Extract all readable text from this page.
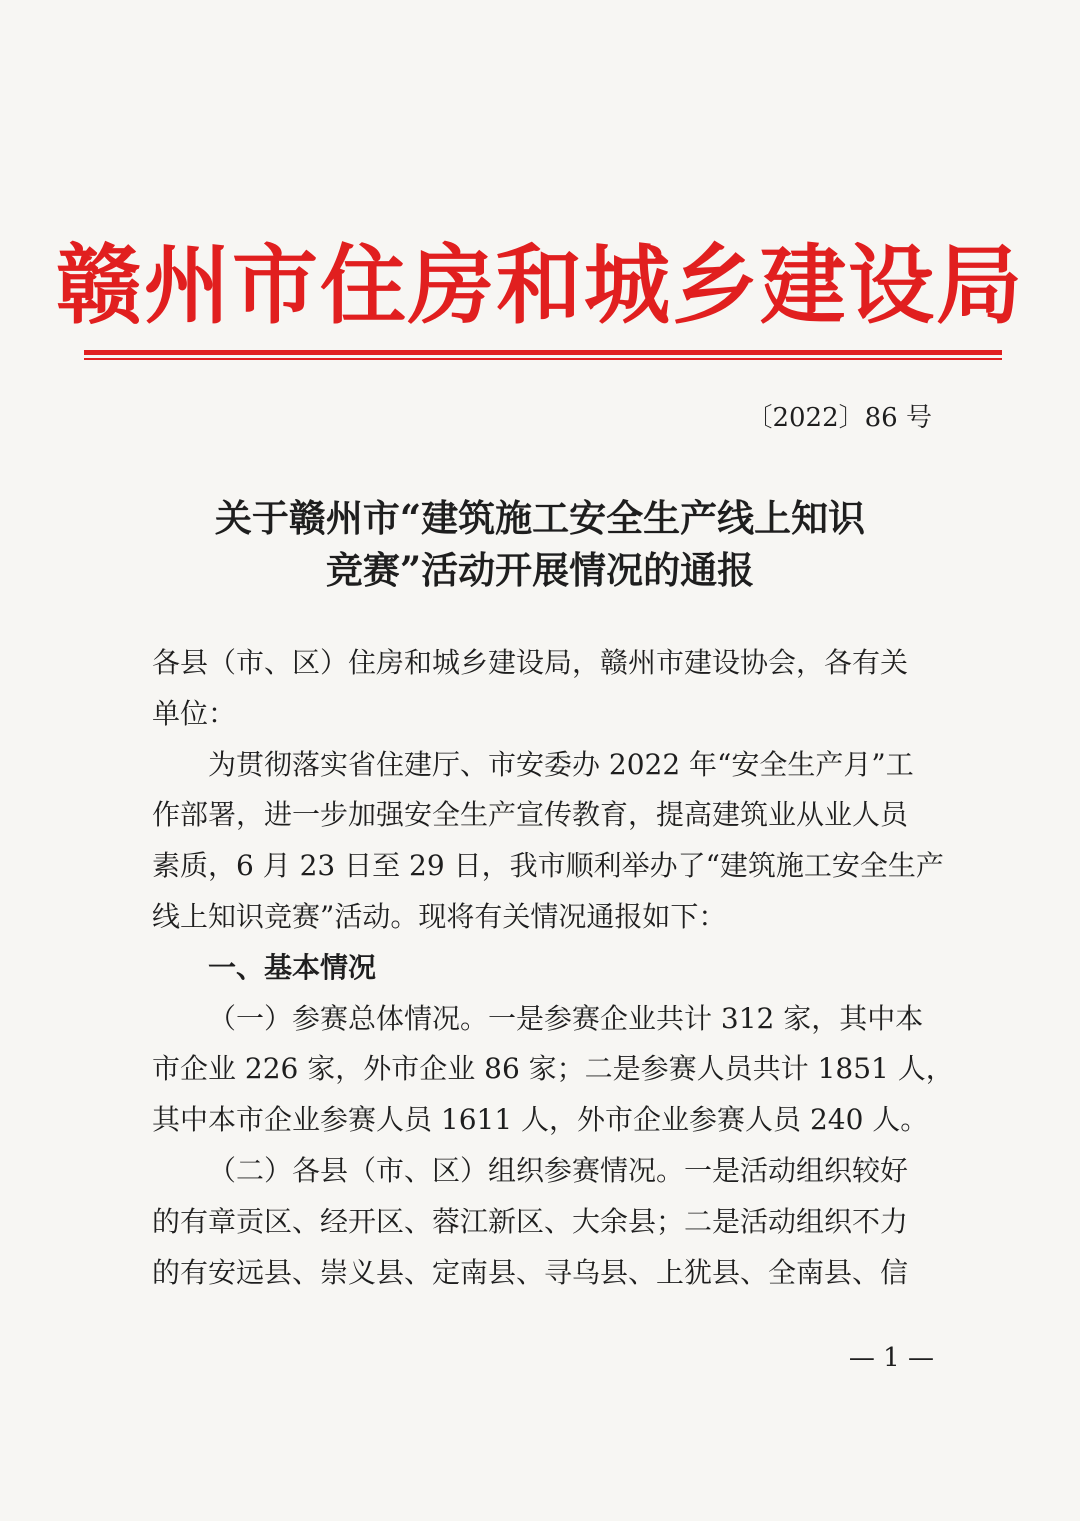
赣州市住房和城乡建设局
〔2022〕86 号
关于赣州市“建筑施工安全生产线上知识
竞赛”活动开展情况的通报
各县（市、区）住房和城乡建设局，赣州市建设协会，各有关
单位：
为贯彻落实省住建厅、市安委办 2022 年“安全生产月”工
作部署，进一步加强安全生产宣传教育，提高建筑业从业人员
素质，6 月 23 日至 29 日，我市顺利举办了“建筑施工安全生产
线上知识竞赛”活动。现将有关情况通报如下：
一、基本情况
（一）参赛总体情况。一是参赛企业共计 312 家，其中本
市企业 226 家，外市企业 86 家；二是参赛人员共计 1851 人，
其中本市企业参赛人员 1611 人，外市企业参赛人员 240 人。
（二）各县（市、区）组织参赛情况。一是活动组织较好
的有章贡区、经开区、蓉江新区、大余县；二是活动组织不力
的有安远县、崇义县、定南县、寻乌县、上犹县、全南县、信
— 1 —
